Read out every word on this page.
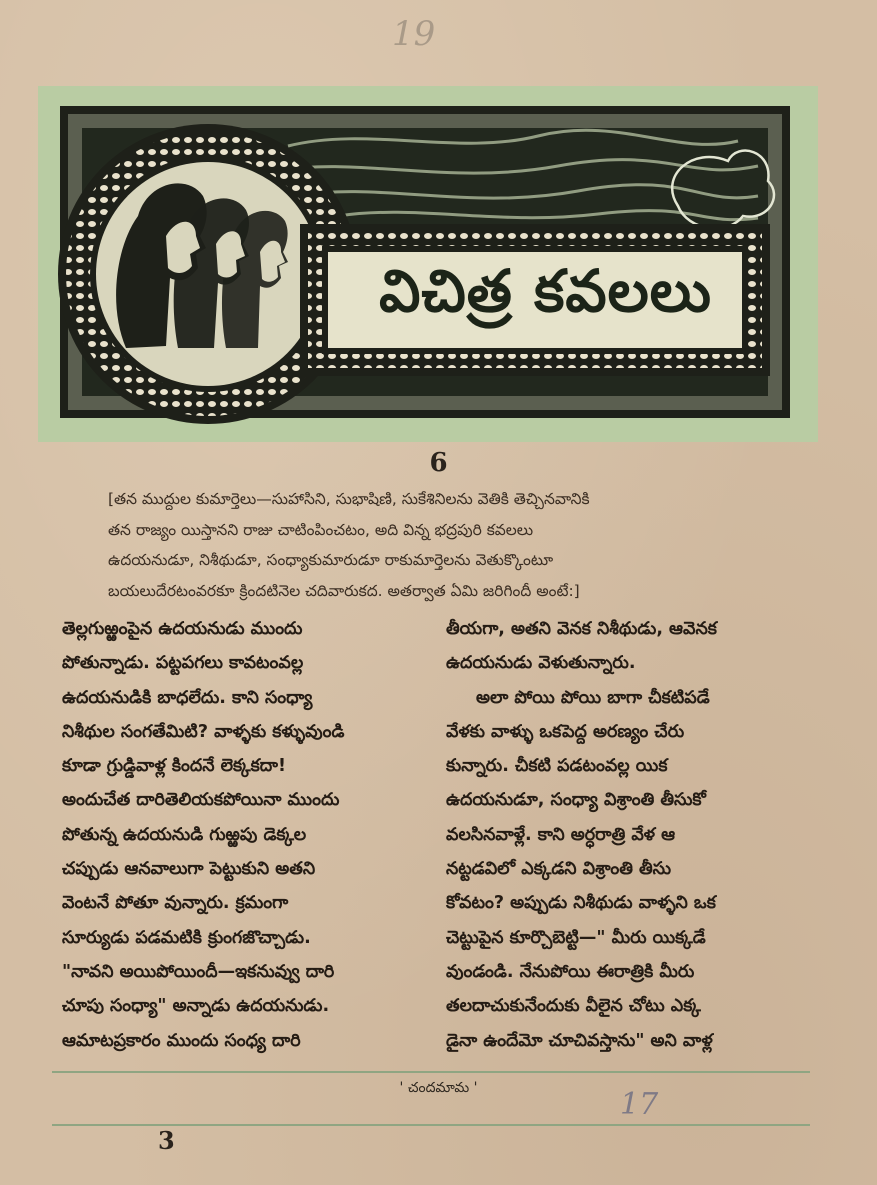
19
విచిత్ర కవలలు
6
[తన ముద్దుల కుమార్తెలు—సుహాసిని, సుభాషిణి, సుకేశినిలను వెతికి తెచ్చినవానికి
తన రాజ్యం యిస్తానని రాజు చాటింపించటం, అది విన్న భద్రపురి కవలలు
ఉదయనుడూ, నిశీథుడూ, సంధ్యాకుమారుడూ రాకుమార్తెలను వెతుక్కొంటూ
బయలుదేరటంవరకూ క్రిందటినెల చదివారుకద. అతర్వాత ఏమి జరిగిందీ అంటే:]
తెల్లగుఱ్ఱంపైన ఉదయనుడు ముందు
పోతున్నాడు. పట్టపగలు కావటంవల్ల
ఉదయనుడికి బాధలేదు. కాని సంధ్యా
నిశీథుల సంగతేమిటి? వాళ్ళకు కళ్ళువుండి
కూడా గ్రుడ్డివాళ్ల కిందనే లెక్కకదా!
అందుచేత దారితెలియకపోయినా ముందు
పోతున్న ఉదయనుడి గుఱ్ఱపు డెక్కల
చప్పుడు ఆనవాలుగా పెట్టుకుని అతని
వెంటనే పోతూ వున్నారు. క్రమంగా
సూర్యుడు పడమటికి క్రుంగజొచ్చాడు.
"నావని అయిపోయిందీ—ఇకనువ్వు దారి
చూపు సంధ్యా" అన్నాడు ఉదయనుడు.
ఆమాటప్రకారం ముందు సంధ్య దారి
తీయగా, అతని వెనక నిశీథుడు, ఆవెనక
ఉదయనుడు వెళుతున్నారు.
అలా పోయి పోయి బాగా చీకటిపడే
వేళకు వాళ్ళు ఒకపెద్ద అరణ్యం చేరు
కున్నారు. చీకటి పడటంవల్ల యిక
ఉదయనుడూ, సంధ్యా విశ్రాంతి తీసుకో
వలసినవాళ్లే. కాని అర్ధరాత్రి వేళ ఆ
నట్టడవిలో ఎక్కడని విశ్రాంతి తీసు
కోవటం? అప్పుడు నిశీథుడు వాళ్ళని ఒక
చెట్టుపైన కూర్చొబెట్టి—" మీరు యిక్కడే
వుండండి. నేనుపోయి ఈరాత్రికి మీరు
తలదాచుకునేందుకు వీలైన చోటు ఎక్క
డైనా ఉందేమో చూచివస్తాను" అని వాళ్ల
' చందమామ '	17
3
